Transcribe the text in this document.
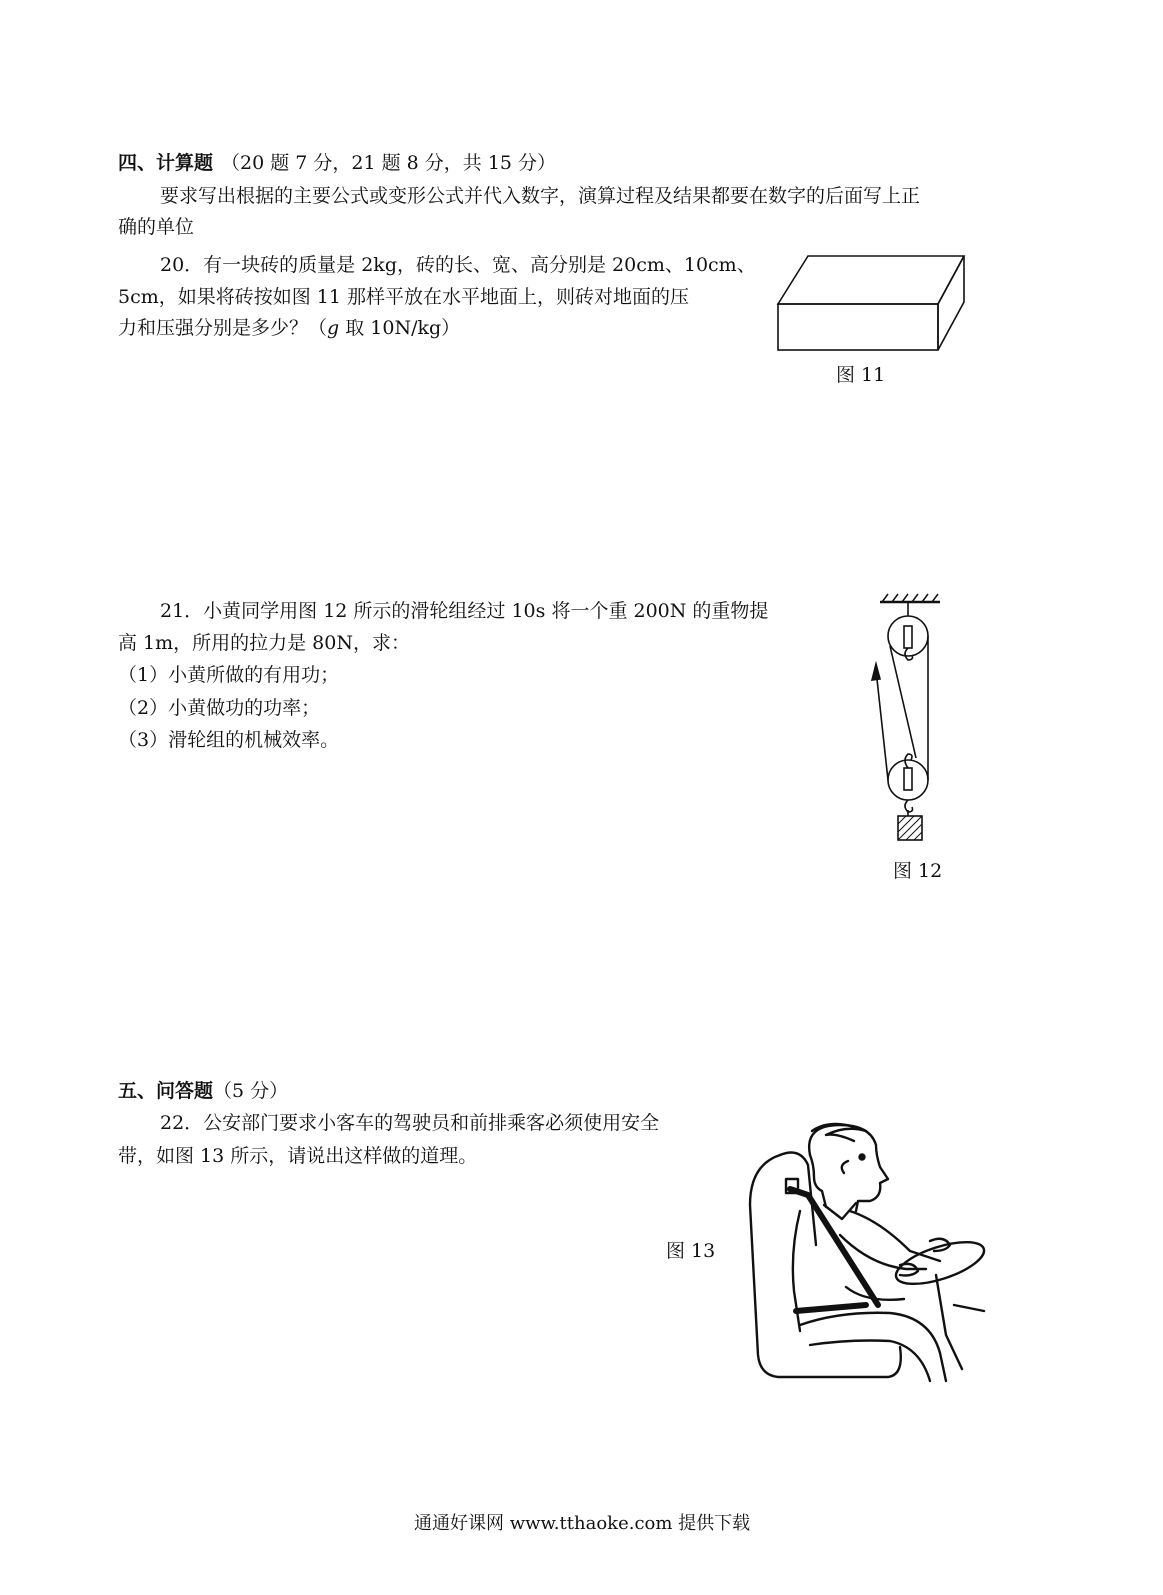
四、计算题 （20 题 7 分，21 题 8 分，共 15 分）
要求写出根据的主要公式或变形公式并代入数字，演算过程及结果都要在数字的后面写上正
确的单位
20．有一块砖的质量是 2kg，砖的长、宽、高分别是 20cm、10cm、
5cm，如果将砖按如图 11 那样平放在水平地面上，则砖对地面的压
力和压强分别是多少？（g 取 10N/kg）
图 11
21．小黄同学用图 12 所示的滑轮组经过 10s 将一个重 200N 的重物提
高 1m，所用的拉力是 80N，求：
（1）小黄所做的有用功；
（2）小黄做功的功率；
（3）滑轮组的机械效率。
图 12
五、问答题（5 分）
22．公安部门要求小客车的驾驶员和前排乘客必须使用安全
带，如图 13 所示，请说出这样做的道理。
图 13
通通好课网 www.tthaoke.com 提供下载
